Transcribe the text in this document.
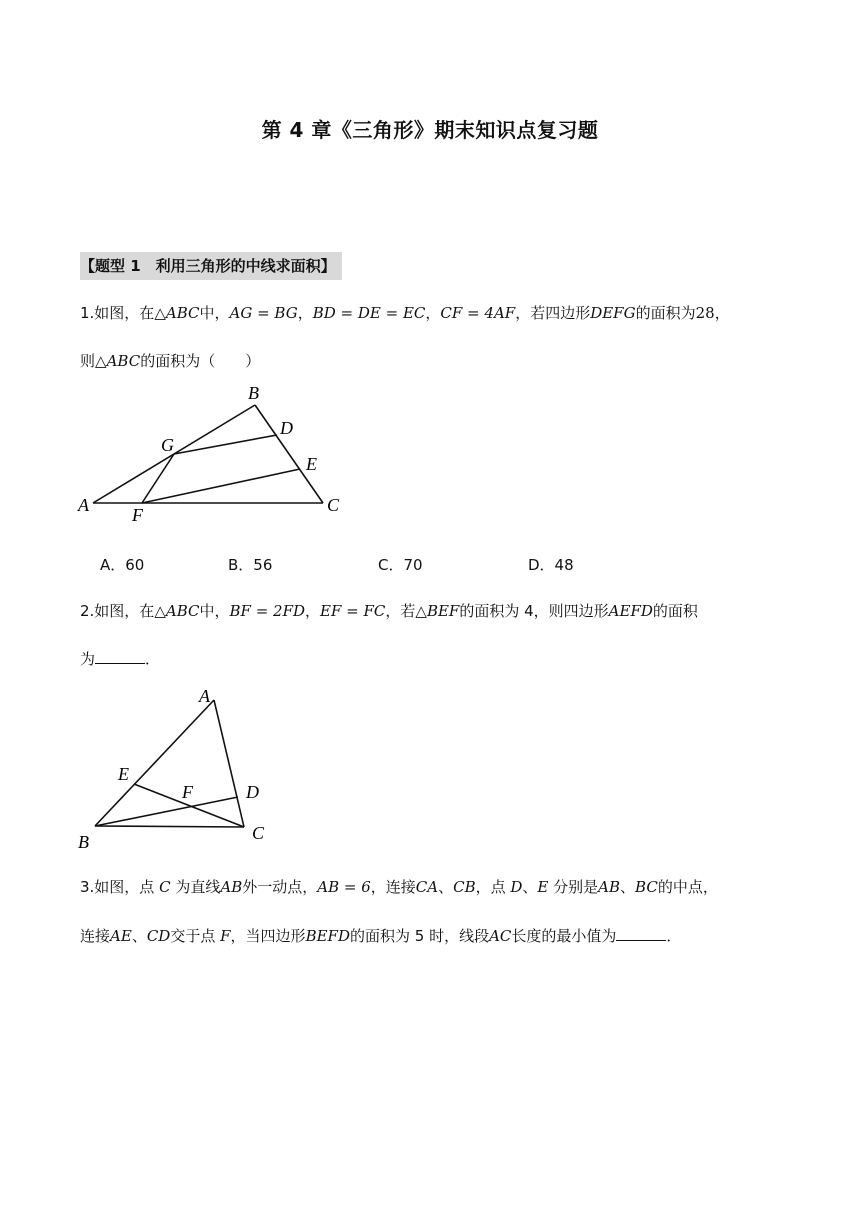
第 4 章《三角形》期末知识点复习题
【题型 1　利用三角形的中线求面积】
1.如图，在△ABC中，AG = BG，BD = DE = EC，CF = 4AF，若四边形DEFG的面积为28，
则△ABC的面积为（　　）
B
D
G
E
A F	C
A．60	B．56	C．70	D．48
2.如图，在△ABC中，BF = 2FD，EF = FC，若△BEF的面积为 4，则四边形AEFD的面积
为	．
A
E
F	D
B	C
3.如图，点 C 为直线AB外一动点，AB = 6，连接CA、CB，点 D、E 分别是AB、BC的中点，
连接AE、CD交于点 F，当四边形BEFD的面积为 5 时，线段AC长度的最小值为	．
